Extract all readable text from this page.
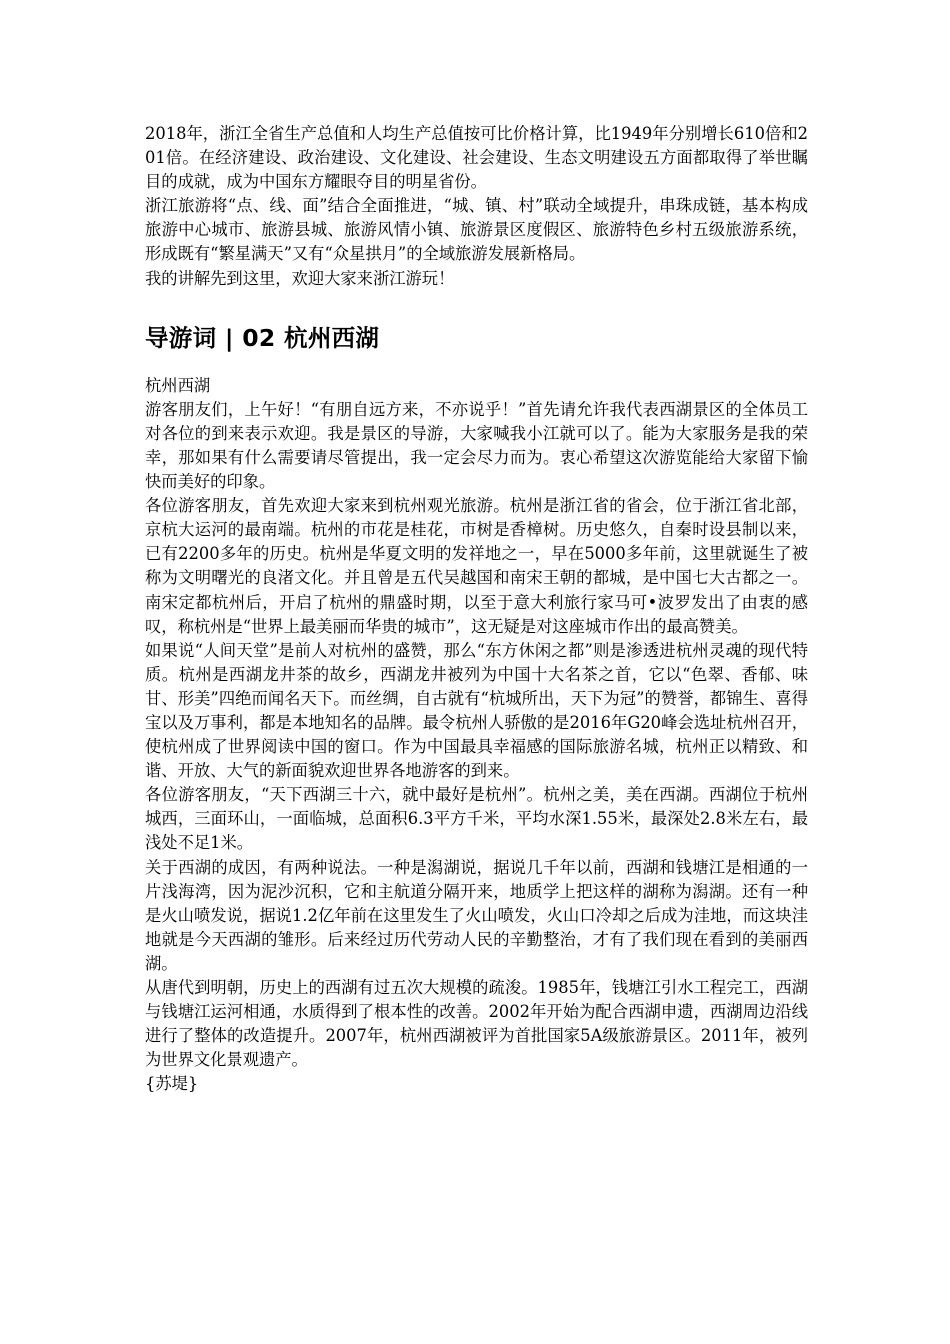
2018年，浙江全省生产总值和人均生产总值按可比价格计算，比1949年分别增长610倍和201倍。在经济建设、政治建设、文化建设、社会建设、生态文明建设五方面都取得了举世瞩目的成就，成为中国东方耀眼夺目的明星省份。

浙江旅游将“点、线、面”结合全面推进，“城、镇、村”联动全域提升，串珠成链，基本构成旅游中心城市、旅游县城、旅游风情小镇、旅游景区度假区、旅游特色乡村五级旅游系统，形成既有“繁星满天”又有“众星拱月”的全域旅游发展新格局。

我的讲解先到这里，欢迎大家来浙江游玩！

导游词 | 02 杭州西湖

杭州西湖

游客朋友们，上午好！“有朋自远方来，不亦说乎！”首先请允许我代表西湖景区的全体员工对各位的到来表示欢迎。我是景区的导游，大家喊我小江就可以了。能为大家服务是我的荣幸，那如果有什么需要请尽管提出，我一定会尽力而为。衷心希望这次游览能给大家留下愉快而美好的印象。

各位游客朋友，首先欢迎大家来到杭州观光旅游。杭州是浙江省的省会，位于浙江省北部，京杭大运河的最南端。杭州的市花是桂花，市树是香樟树。历史悠久，自秦时设县制以来，已有2200多年的历史。杭州是华夏文明的发祥地之一，早在5000多年前，这里就诞生了被称为文明曙光的良渚文化。并且曾是五代吴越国和南宋王朝的都城，是中国七大古都之一。南宋定都杭州后，开启了杭州的鼎盛时期，以至于意大利旅行家马可•波罗发出了由衷的感叹，称杭州是“世界上最美丽而华贵的城市”，这无疑是对这座城市作出的最高赞美。

如果说“人间天堂”是前人对杭州的盛赞，那么“东方休闲之都”则是渗透进杭州灵魂的现代特质。杭州是西湖龙井茶的故乡，西湖龙井被列为中国十大名茶之首，它以“色翠、香郁、味甘、形美”四绝而闻名天下。而丝绸，自古就有“杭城所出，天下为冠”的赞誉，都锦生、喜得宝以及万事利，都是本地知名的品牌。最令杭州人骄傲的是2016年G20峰会选址杭州召开，使杭州成了世界阅读中国的窗口。作为中国最具幸福感的国际旅游名城，杭州正以精致、和谐、开放、大气的新面貌欢迎世界各地游客的到来。

各位游客朋友，“天下西湖三十六，就中最好是杭州”。杭州之美，美在西湖。西湖位于杭州城西，三面环山，一面临城，总面积6.3平方千米，平均水深1.55米，最深处2.8米左右，最浅处不足1米。

关于西湖的成因，有两种说法。一种是潟湖说，据说几千年以前，西湖和钱塘江是相通的一片浅海湾，因为泥沙沉积，它和主航道分隔开来，地质学上把这样的湖称为潟湖。还有一种是火山喷发说，据说1.2亿年前在这里发生了火山喷发，火山口冷却之后成为洼地，而这块洼地就是今天西湖的雏形。后来经过历代劳动人民的辛勤整治，才有了我们现在看到的美丽西湖。

从唐代到明朝，历史上的西湖有过五次大规模的疏浚。1985年，钱塘江引水工程完工，西湖与钱塘江运河相通，水质得到了根本性的改善。2002年开始为配合西湖申遗，西湖周边沿线进行了整体的改造提升。2007年，杭州西湖被评为首批国家5A级旅游景区。2011年，被列为世界文化景观遗产。

{苏堤}
